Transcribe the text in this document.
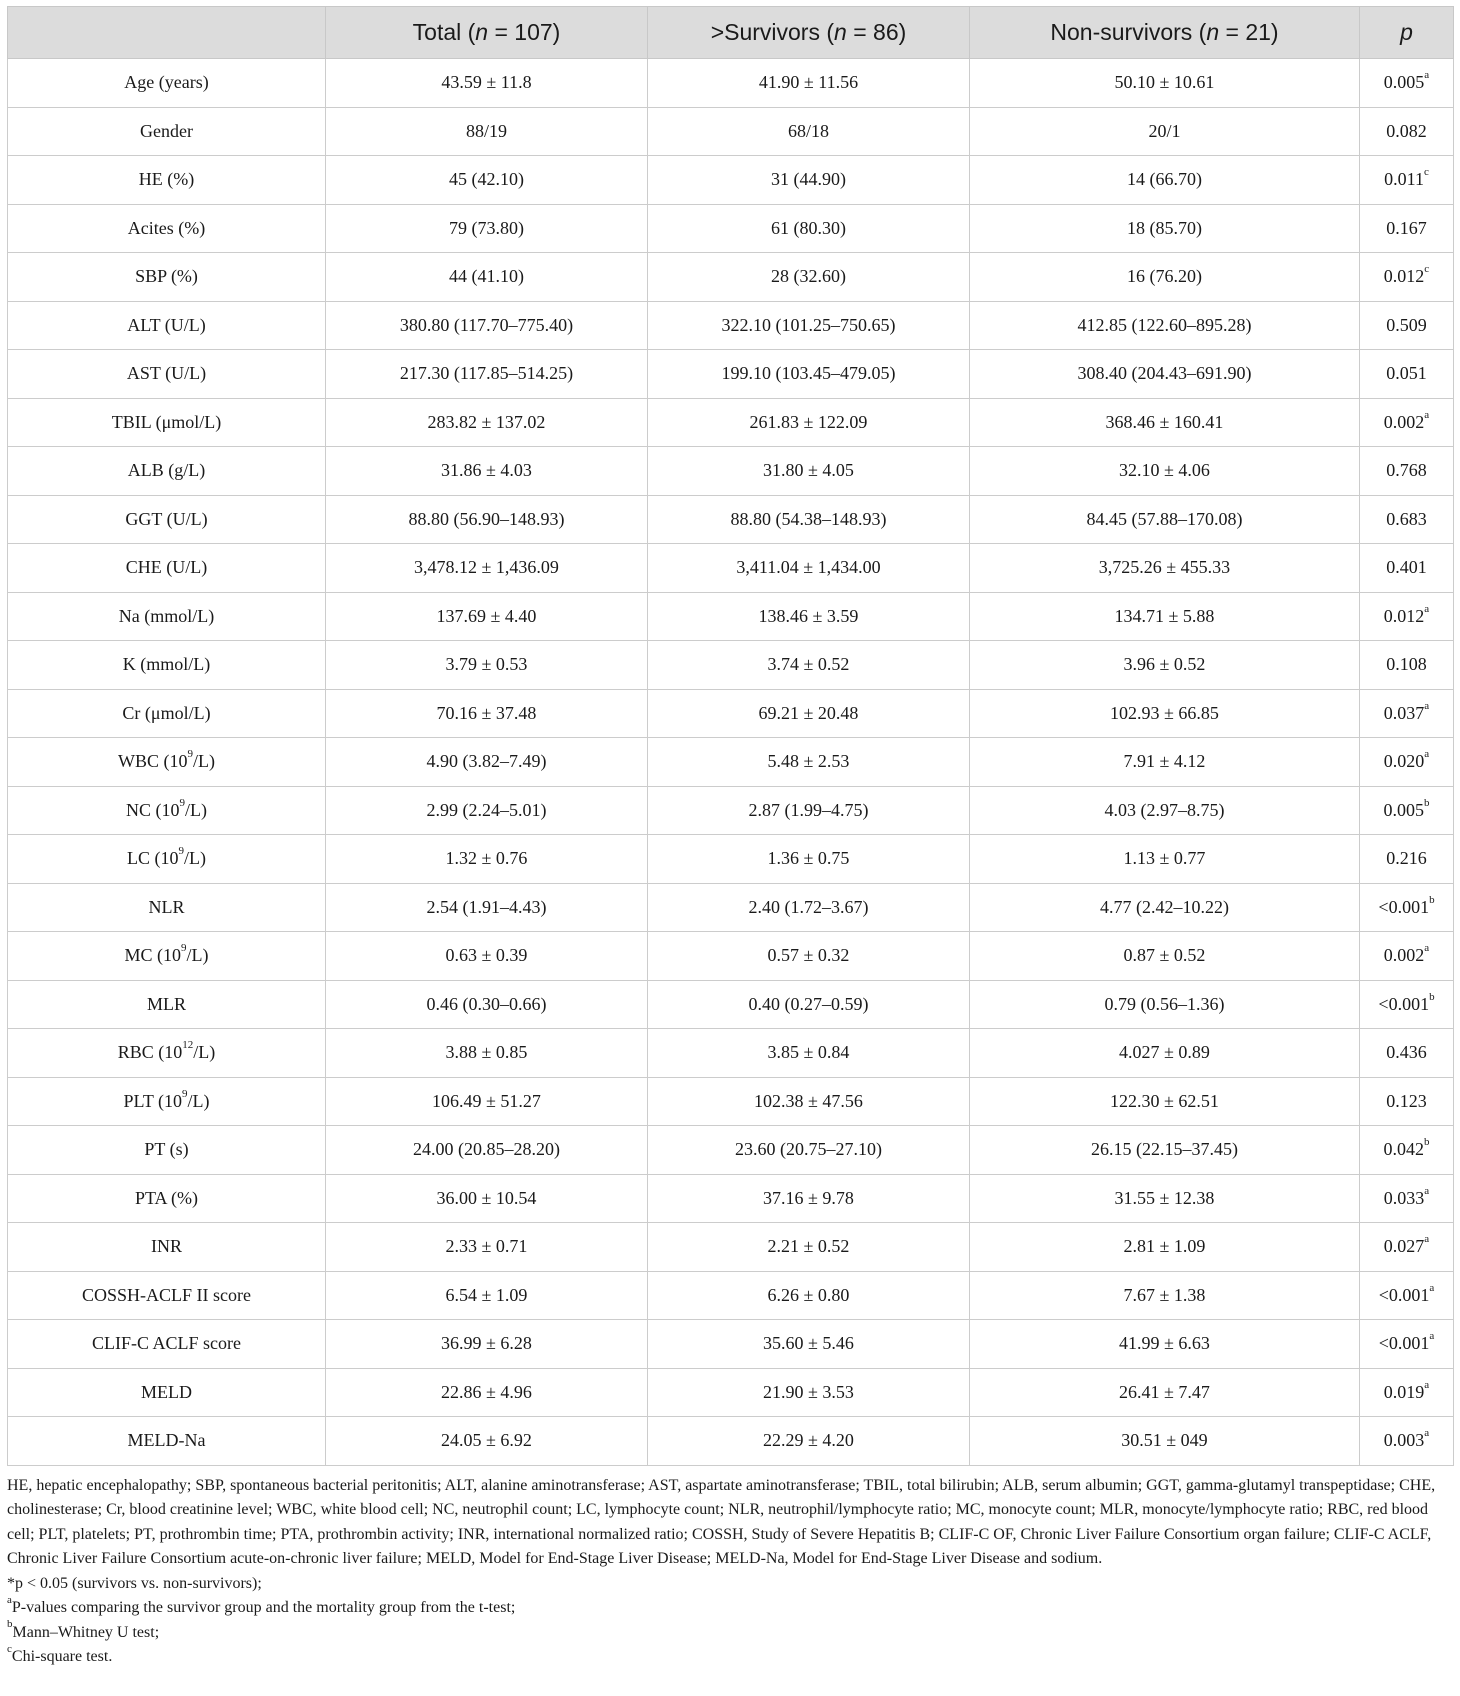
	Total (n = 107)	>Survivors (n = 86)	Non-survivors (n = 21)	p
Age (years)	43.59 ± 11.8	41.90 ± 11.56	50.10 ± 10.61	0.005$^a$
Gender	88/19	68/18	20/1	0.082
HE (%)	45 (42.10)	31 (44.90)	14 (66.70)	0.011$^c$
Acites (%)	79 (73.80)	61 (80.30)	18 (85.70)	0.167
SBP (%)	44 (41.10)	28 (32.60)	16 (76.20)	0.012$^c$
ALT (U/L)	380.80 (117.70–775.40)	322.10 (101.25–750.65)	412.85 (122.60–895.28)	0.509
AST (U/L)	217.30 (117.85–514.25)	199.10 (103.45–479.05)	308.40 (204.43–691.90)	0.051
TBIL (μmol/L)	283.82 ± 137.02	261.83 ± 122.09	368.46 ± 160.41	0.002$^a$
ALB (g/L)	31.86 ± 4.03	31.80 ± 4.05	32.10 ± 4.06	0.768
GGT (U/L)	88.80 (56.90–148.93)	88.80 (54.38–148.93)	84.45 (57.88–170.08)	0.683
CHE (U/L)	3,478.12 ± 1,436.09	3,411.04 ± 1,434.00	3,725.26 ± 455.33	0.401
Na (mmol/L)	137.69 ± 4.40	138.46 ± 3.59	134.71 ± 5.88	0.012$^a$
K (mmol/L)	3.79 ± 0.53	3.74 ± 0.52	3.96 ± 0.52	0.108
Cr (μmol/L)	70.16 ± 37.48	69.21 ± 20.48	102.93 ± 66.85	0.037$^a$
WBC $(10^9/L)$	4.90 (3.82–7.49)	5.48 ± 2.53	7.91 ± 4.12	0.020$^a$
NC $(10^9/L)$	2.99 (2.24–5.01)	2.87 (1.99–4.75)	4.03 (2.97–8.75)	0.005$^b$
LC $(10^9/L)$	1.32 ± 0.76	1.36 ± 0.75	1.13 ± 0.77	0.216
NLR	2.54 (1.91–4.43)	2.40 (1.72–3.67)	4.77 (2.42–10.22)	<0.001$^b$
MC $(10^9/L)$	0.63 ± 0.39	0.57 ± 0.32	0.87 ± 0.52	0.002$^a$
MLR	0.46 (0.30–0.66)	0.40 (0.27–0.59)	0.79 (0.56–1.36)	<0.001$^b$
RBC $(10^{12}/L)$	3.88 ± 0.85	3.85 ± 0.84	4.027 ± 0.89	0.436
PLT $(10^9/L)$	106.49 ± 51.27	102.38 ± 47.56	122.30 ± 62.51	0.123
PT (s)	24.00 (20.85–28.20)	23.60 (20.75–27.10)	26.15 (22.15–37.45)	0.042$^b$
PTA (%)	36.00 ± 10.54	37.16 ± 9.78	31.55 ± 12.38	0.033$^a$
INR	2.33 ± 0.71	2.21 ± 0.52	2.81 ± 1.09	0.027$^a$
COSSH-ACLF II score	6.54 ± 1.09	6.26 ± 0.80	7.67 ± 1.38	<0.001$^a$
CLIF-C ACLF score	36.99 ± 6.28	35.60 ± 5.46	41.99 ± 6.63	<0.001$^a$
MELD	22.86 ± 4.96	21.90 ± 3.53	26.41 ± 7.47	0.019$^a$
MELD-Na	24.05 ± 6.92	22.29 ± 4.20	30.51 ± 049	0.003$^a$
HE, hepatic encephalopathy; SBP, spontaneous bacterial peritonitis; ALT, alanine aminotransferase; AST, aspartate aminotransferase; TBIL, total bilirubin; ALB, serum albumin; GGT, gamma-glutamyl transpeptidase; CHE, cholinesterase; Cr, blood creatinine level; WBC, white blood cell; NC, neutrophil count; LC, lymphocyte count; NLR, neutrophil/lymphocyte ratio; MC, monocyte count; MLR, monocyte/lymphocyte ratio; RBC, red blood cell; PLT, platelets; PT, prothrombin time; PTA, prothrombin activity; INR, international normalized ratio; COSSH, Study of Severe Hepatitis B; CLIF-C OF, Chronic Liver Failure Consortium organ failure; CLIF-C ACLF, Chronic Liver Failure Consortium acute-on-chronic liver failure; MELD, Model for End-Stage Liver Disease; MELD-Na, Model for End-Stage Liver Disease and sodium.
*p < 0.05 (survivors vs. non-survivors);
$^a$P-values comparing the survivor group and the mortality group from the t-test;
$^b$Mann–Whitney U test;
$^c$Chi-square test.
